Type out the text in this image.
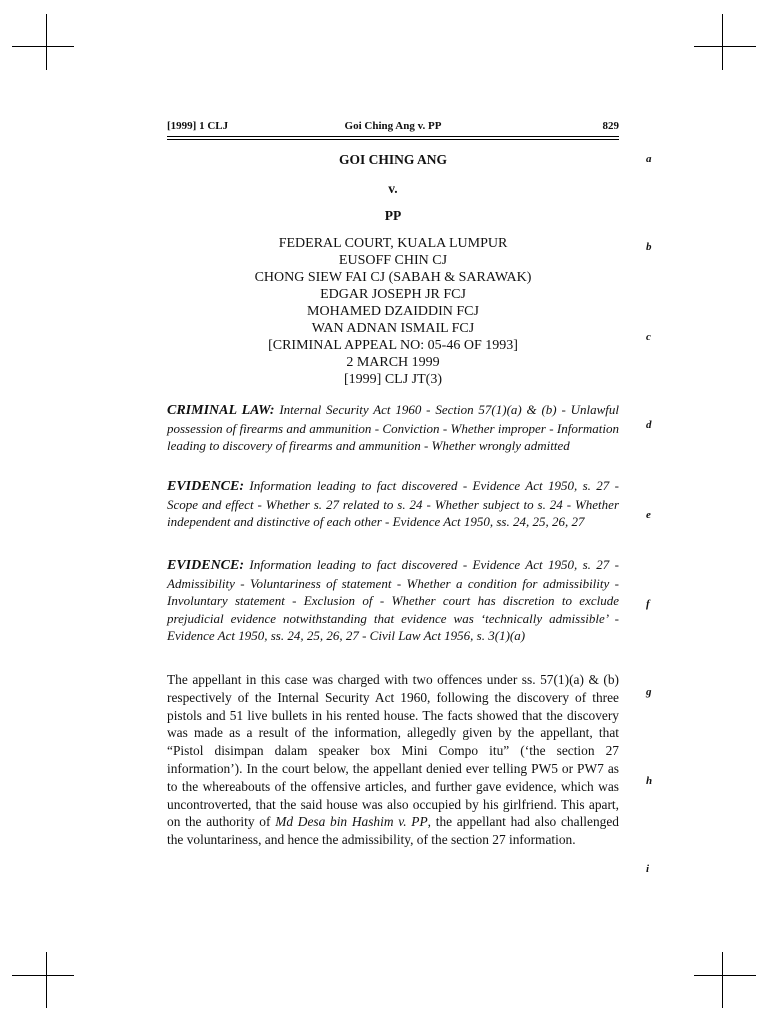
[1999] 1 CLJ	Goi Ching Ang v. PP	829
GOI CHING ANG
v.
PP
FEDERAL COURT, KUALA LUMPUR
EUSOFF CHIN CJ
CHONG SIEW FAI CJ (SABAH & SARAWAK)
EDGAR JOSEPH JR FCJ
MOHAMED DZAIDDIN FCJ
WAN ADNAN ISMAIL FCJ
[CRIMINAL APPEAL NO: 05-46 OF 1993]
2 MARCH 1999
[1999] CLJ JT(3)
CRIMINAL LAW: Internal Security Act 1960 - Section 57(1)(a) & (b) - Unlawful possession of firearms and ammunition - Conviction - Whether improper - Information leading to discovery of firearms and ammunition - Whether wrongly admitted
EVIDENCE: Information leading to fact discovered - Evidence Act 1950, s. 27 - Scope and effect - Whether s. 27 related to s. 24 - Whether subject to s. 24 - Whether independent and distinctive of each other - Evidence Act 1950, ss. 24, 25, 26, 27
EVIDENCE: Information leading to fact discovered - Evidence Act 1950, s. 27 - Admissibility - Voluntariness of statement - Whether a condition for admissibility - Involuntary statement - Exclusion of - Whether court has discretion to exclude prejudicial evidence notwithstanding that evidence was ‘technically admissible’ - Evidence Act 1950, ss. 24, 25, 26, 27 - Civil Law Act 1956, s. 3(1)(a)
The appellant in this case was charged with two offences under ss. 57(1)(a) & (b) respectively of the Internal Security Act 1960, following the discovery of three pistols and 51 live bullets in his rented house. The facts showed that the discovery was made as a result of the information, allegedly given by the appellant, that “Pistol disimpan dalam speaker box Mini Compo itu” (‘the section 27 information’). In the court below, the appellant denied ever telling PW5 or PW7 as to the whereabouts of the offensive articles, and further gave evidence, which was uncontroverted, that the said house was also occupied by his girlfriend. This apart, on the authority of Md Desa bin Hashim v. PP, the appellant had also challenged the voluntariness, and hence the admissibility, of the section 27 information.
a
b
c
d
e
f
g
h
i
